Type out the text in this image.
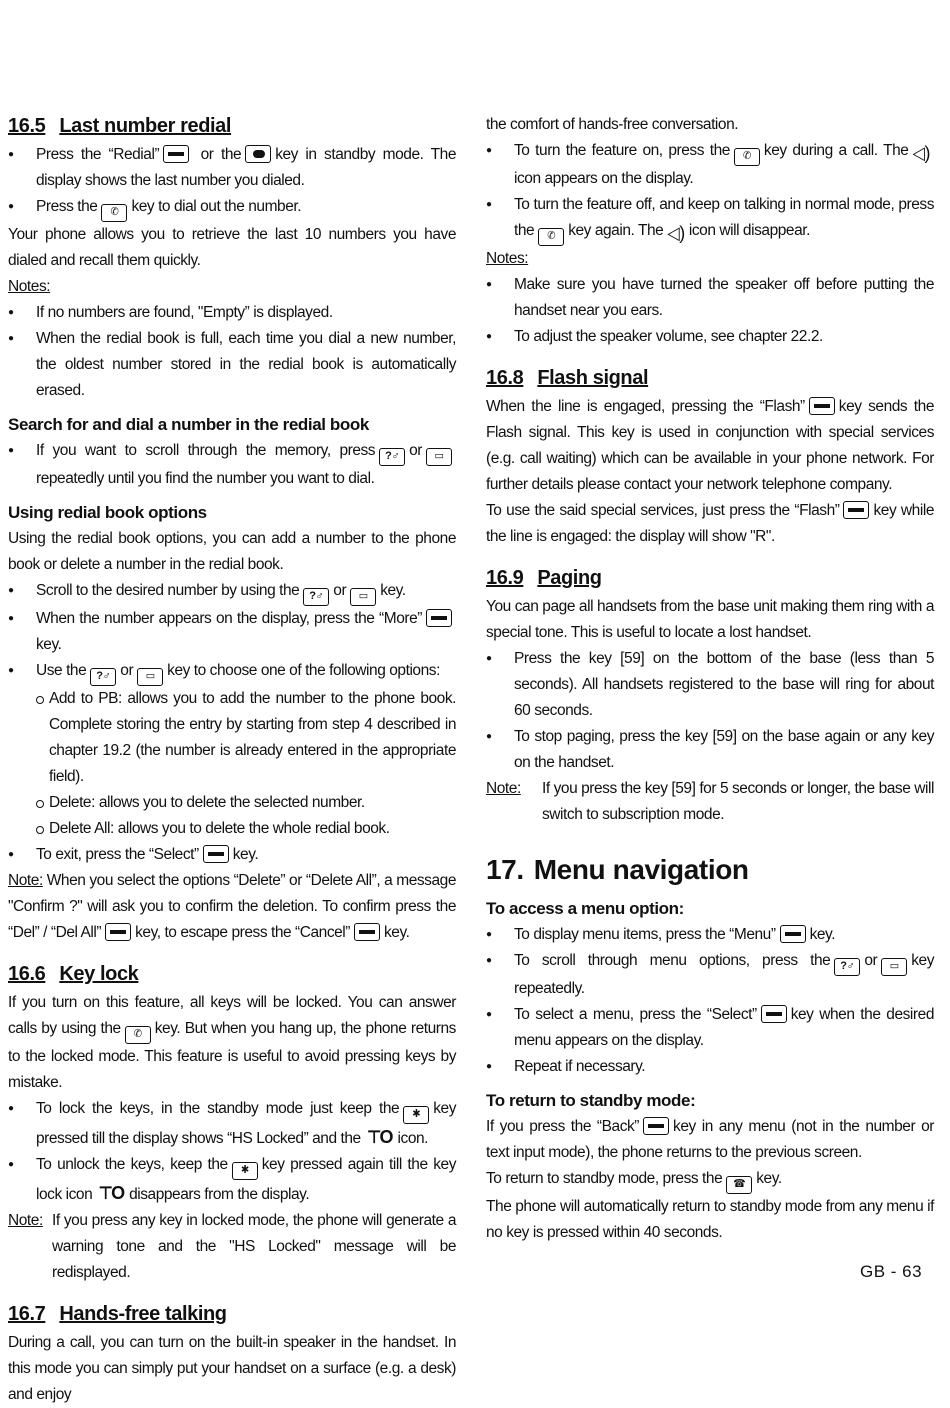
16.5 Last number redial
● Press the “Redial”	or the key in standby mode. The display shows the last number you dialed.
● Press the ✆ key to dial out the number.

Your phone allows you to retrieve the last 10 numbers you have dialed and recall them quickly.

Notes:

● If no numbers are found, "Empty” is displayed.
● When the redial book is full, each time you dial a new number, the oldest number stored in the redial book is automatically erased.
Search for and dial a number in the redial book
● If you want to scroll through the memory, press ?♂ or ▭repeatedly until you find the number you want to dial.
Using redial book options

Using the redial book options, you can add a number to the phone book or delete a number in the redial book.

● Scroll to the desired number by using the ?♂ or ▭ key.
● When the number appears on the display, press the “More”key.
● Use the ?♂ or ▭ key to choose one of the following options:
Add to PB: allows you to add the number to the phone book. Complete storing the entry by starting from step 4 described in chapter 19.2 (the number is already entered in the appropriate field).
Delete: allows you to delete the selected number.
Delete All: allows you to delete the whole redial book.
● To exit, press the “Select” key.

Note: When you select the options “Delete” or “Delete All”, a message "Confirm ?" will ask you to confirm the deletion. To confirm press the “Del” / “Del All” key, to escape press the “Cancel” key.

16.6 Key lock

If you turn on this feature, all keys will be locked. You can answer calls by using the ✆ key. But when you hang up, the phone returns to the locked mode. This feature is useful to avoid pressing keys by mistake.

● To lock the keys, in the standby mode just keep the ✱ key pressed till the display shows “HS Locked” and the ⊤O icon.
● To unlock the keys, keep the ✱ key pressed again till the key lock icon ⊤O disappears from the display.
Note: If you press any key in locked mode, the phone will generate a warning tone and the "HS Locked" message will be redisplayed.
16.7 Hands-free talking

During a call, you can turn on the built-in speaker in the handset. In this mode you can simply put your handset on a surface (e.g. a desk) and enjoy

the comfort of hands-free conversation.

● To turn the feature on, press the ✆ key during a call. The ◁)icon appears on the display.
● To turn the feature off, and keep on talking in normal mode, press the ✆ key again. The ◁) icon will disappear.

Notes:

● Make sure you have turned the speaker off before putting the handset near you ears.
● To adjust the speaker volume, see chapter 22.2.
16.8 Flash signal

When the line is engaged, pressing the “Flash” key sends the Flash signal. This key is used in conjunction with special services (e.g. call waiting) which can be available in your phone network. For further details please contact your network telephone company.

To use the said special services, just press the “Flash” key while the line is engaged: the display will show "R".

16.9 Paging

You can page all handsets from the base unit making them ring with a special tone. This is useful to locate a lost handset.

● Press the key [59] on the bottom of the base (less than 5 seconds). All handsets registered to the base will ring for about 60 seconds.
● To stop paging, press the key [59] on the base again or any key on the handset.
Note:	If you press the key [59] for 5 seconds or longer, the base will switch to subscription mode.
17. Menu navigation
To access a menu option:
● To display menu items, press the “Menu” key.
● To scroll through menu options, press the ?♂ or ▭ key repeatedly.
● To select a menu, press the “Select” key when the desired menu appears on the display.
● Repeat if necessary.
To return to standby mode:

If you press the “Back” key in any menu (not in the number or text input mode), the phone returns to the previous screen.

To return to standby mode, press the ☎ key.

The phone will automatically return to standby mode from any menu if no key is pressed within 40 seconds.

GB - 63
